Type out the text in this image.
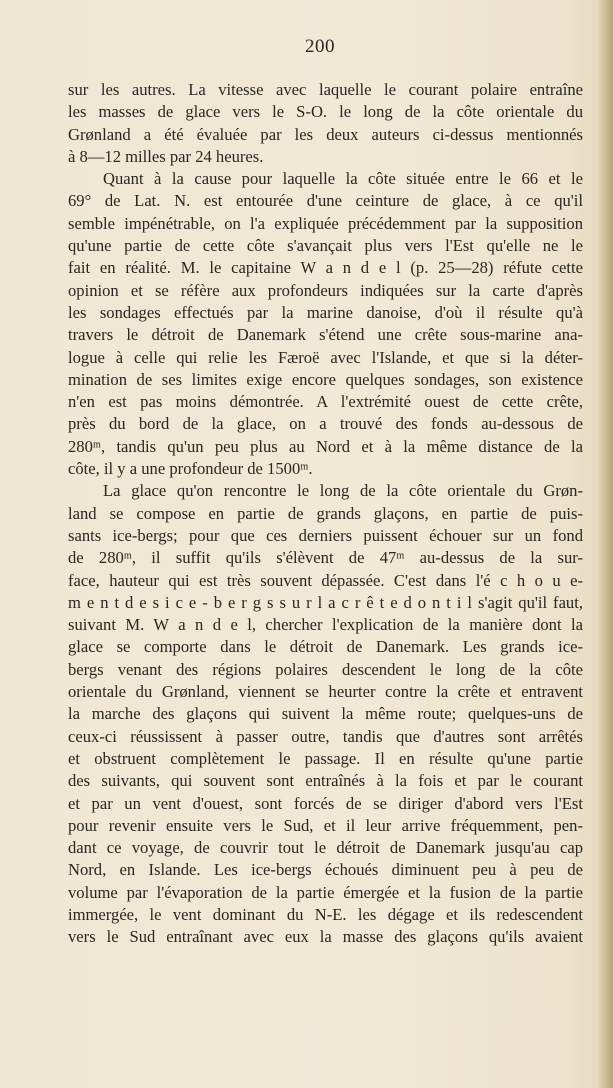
200
sur les autres. La vitesse avec laquelle le courant polaire entraîne
les masses de glace vers le S-O. le long de la côte orientale du
Grønland a été évaluée par les deux auteurs ci-dessus mentionnés
à 8—12 milles par 24 heures.
Quant à la cause pour laquelle la côte située entre le 66 et le
69° de Lat. N. est entourée d'une ceinture de glace, à ce qu'il
semble impénétrable, on l'a expliquée précédemment par la supposition
qu'une partie de cette côte s'avançait plus vers l'Est qu'elle ne le
fait en réalité. M. le capitaine W a n d e l (p. 25—28) réfute cette
opinion et se réfère aux profondeurs indiquées sur la carte d'après
les sondages effectués par la marine danoise, d'où il résulte qu'à
travers le détroit de Danemark s'étend une crête sous-marine ana-
logue à celle qui relie les Færoë avec l'Islande, et que si la déter-
mination de ses limites exige encore quelques sondages, son existence
n'en est pas moins démontrée. A l'extrémité ouest de cette crête,
près du bord de la glace, on a trouvé des fonds au-dessous de
280ᵐ, tandis qu'un peu plus au Nord et à la même distance de la
côte, il y a une profondeur de 1500ᵐ.
La glace qu'on rencontre le long de la côte orientale du Grøn-
land se compose en partie de grands glaçons, en partie de puis-
sants ice-bergs; pour que ces derniers puissent échouer sur un fond
de 280ᵐ, il suffit qu'ils s'élèvent de 47ᵐ au-dessus de la sur-
face, hauteur qui est très souvent dépassée. C'est dans l'é c h o u e-
m e n t d e s i c e - b e r g s s u r l a c r ê t e d o n t i l s'agit qu'il faut,
suivant M. W a n d e l, chercher l'explication de la manière dont la
glace se comporte dans le détroit de Danemark. Les grands ice-
bergs venant des régions polaires descendent le long de la côte
orientale du Grønland, viennent se heurter contre la crête et entravent
la marche des glaçons qui suivent la même route; quelques-uns de
ceux-ci réussissent à passer outre, tandis que d'autres sont arrêtés
et obstruent complètement le passage. Il en résulte qu'une partie
des suivants, qui souvent sont entraînés à la fois et par le courant
et par un vent d'ouest, sont forcés de se diriger d'abord vers l'Est
pour revenir ensuite vers le Sud, et il leur arrive fréquemment, pen-
dant ce voyage, de couvrir tout le détroit de Danemark jusqu'au cap
Nord, en Islande. Les ice-bergs échoués diminuent peu à peu de
volume par l'évaporation de la partie émergée et la fusion de la partie
immergée, le vent dominant du N-E. les dégage et ils redescendent
vers le Sud entraînant avec eux la masse des glaçons qu'ils avaient
